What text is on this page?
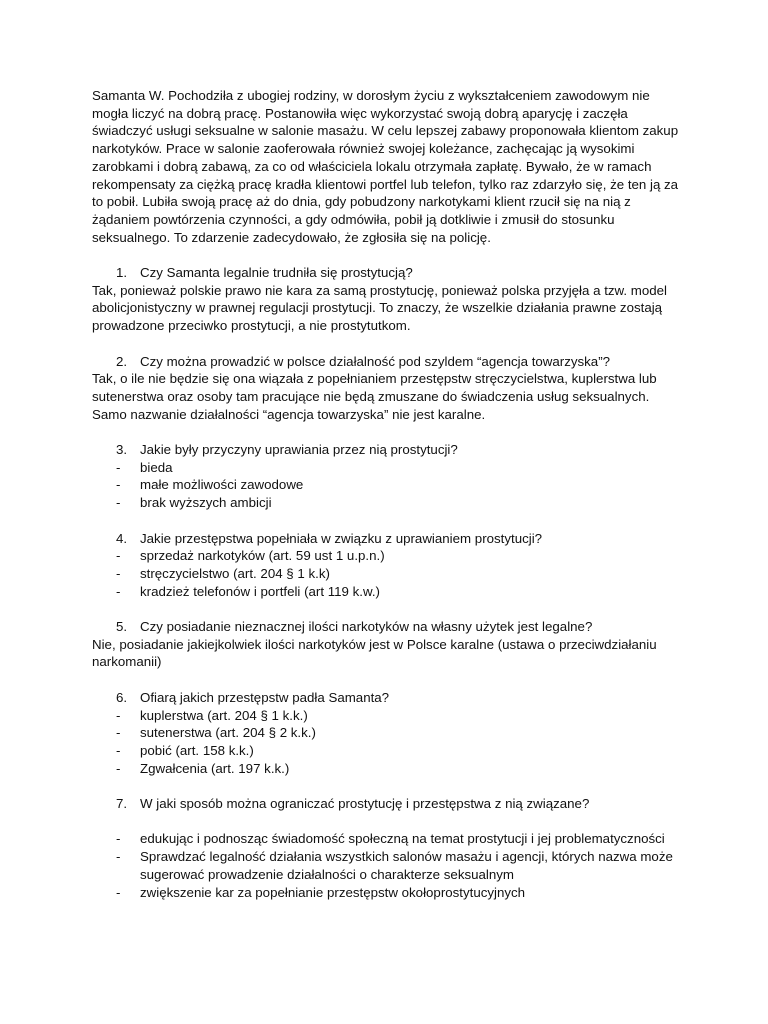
Samanta W. Pochodziła z ubogiej rodziny, w dorosłym życiu z wykształceniem zawodowym nie mogła liczyć na dobrą pracę. Postanowiła więc wykorzystać swoją dobrą aparycję i zaczęła świadczyć usługi seksualne w salonie masażu. W celu lepszej zabawy proponowała klientom zakup narkotyków. Prace w salonie zaoferowała również swojej koleżance, zachęcając ją wysokimi zarobkami i dobrą zabawą, za co od właściciela lokalu otrzymała zapłatę. Bywało, że w ramach rekompensaty za ciężką pracę kradła klientowi portfel lub telefon, tylko raz zdarzyło się, że ten ją za to pobił. Lubiła swoją pracę aż do dnia, gdy pobudzony narkotykami klient rzucił się na nią z żądaniem powtórzenia czynności, a gdy odmówiła, pobił ją dotkliwie i zmusił do stosunku seksualnego. To zdarzenie zadecydowało, że zgłosiła się na policję.

1. Czy Samanta legalnie trudniła się prostytucją?

Tak, ponieważ polskie prawo nie kara za samą prostytucję, ponieważ polska przyjęła a tzw. model abolicjonistyczny w prawnej regulacji prostytucji. To znaczy, że wszelkie działania prawne zostają prowadzone przeciwko prostytucji, a nie prostytutkom.

2. Czy można prowadzić w polsce działalność pod szyldem “agencja towarzyska”?

Tak, o ile nie będzie się ona wiązała z popełnianiem przestępstw stręczycielstwa, kuplerstwa lub sutenerstwa oraz osoby tam pracujące nie będą zmuszane do świadczenia usług seksualnych. Samo nazwanie działalności “agencja towarzyska” nie jest karalne.

3. Jakie były przyczyny uprawiania przez nią prostytucji?
- bieda
- małe możliwości zawodowe
- brak wyższych ambicji
4. Jakie przestępstwa popełniała w związku z uprawianiem prostytucji?
- sprzedaż narkotyków (art. 59 ust 1 u.p.n.)
- stręczycielstwo (art. 204 § 1 k.k)
- kradzież telefonów i portfeli (art 119 k.w.)
5. Czy posiadanie nieznacznej ilości narkotyków na własny użytek jest legalne?

Nie, posiadanie jakiejkolwiek ilości narkotyków jest w Polsce karalne (ustawa o przeciwdziałaniu narkomanii)

6. Ofiarą jakich przestępstw padła Samanta?
- kuplerstwa (art. 204 § 1 k.k.)
- sutenerstwa (art. 204 § 2 k.k.)
- pobić (art. 158 k.k.)
- Zgwałcenia (art. 197 k.k.)
7. W jaki sposób można ograniczać prostytucję i przestępstwa z nią związane?
- edukując i podnosząc świadomość społeczną na temat prostytucji i jej problematyczności
- Sprawdzać legalność działania wszystkich salonów masażu i agencji, których nazwa może sugerować prowadzenie działalności o charakterze seksualnym
- zwiększenie kar za popełnianie przestępstw okołoprostytucyjnych
